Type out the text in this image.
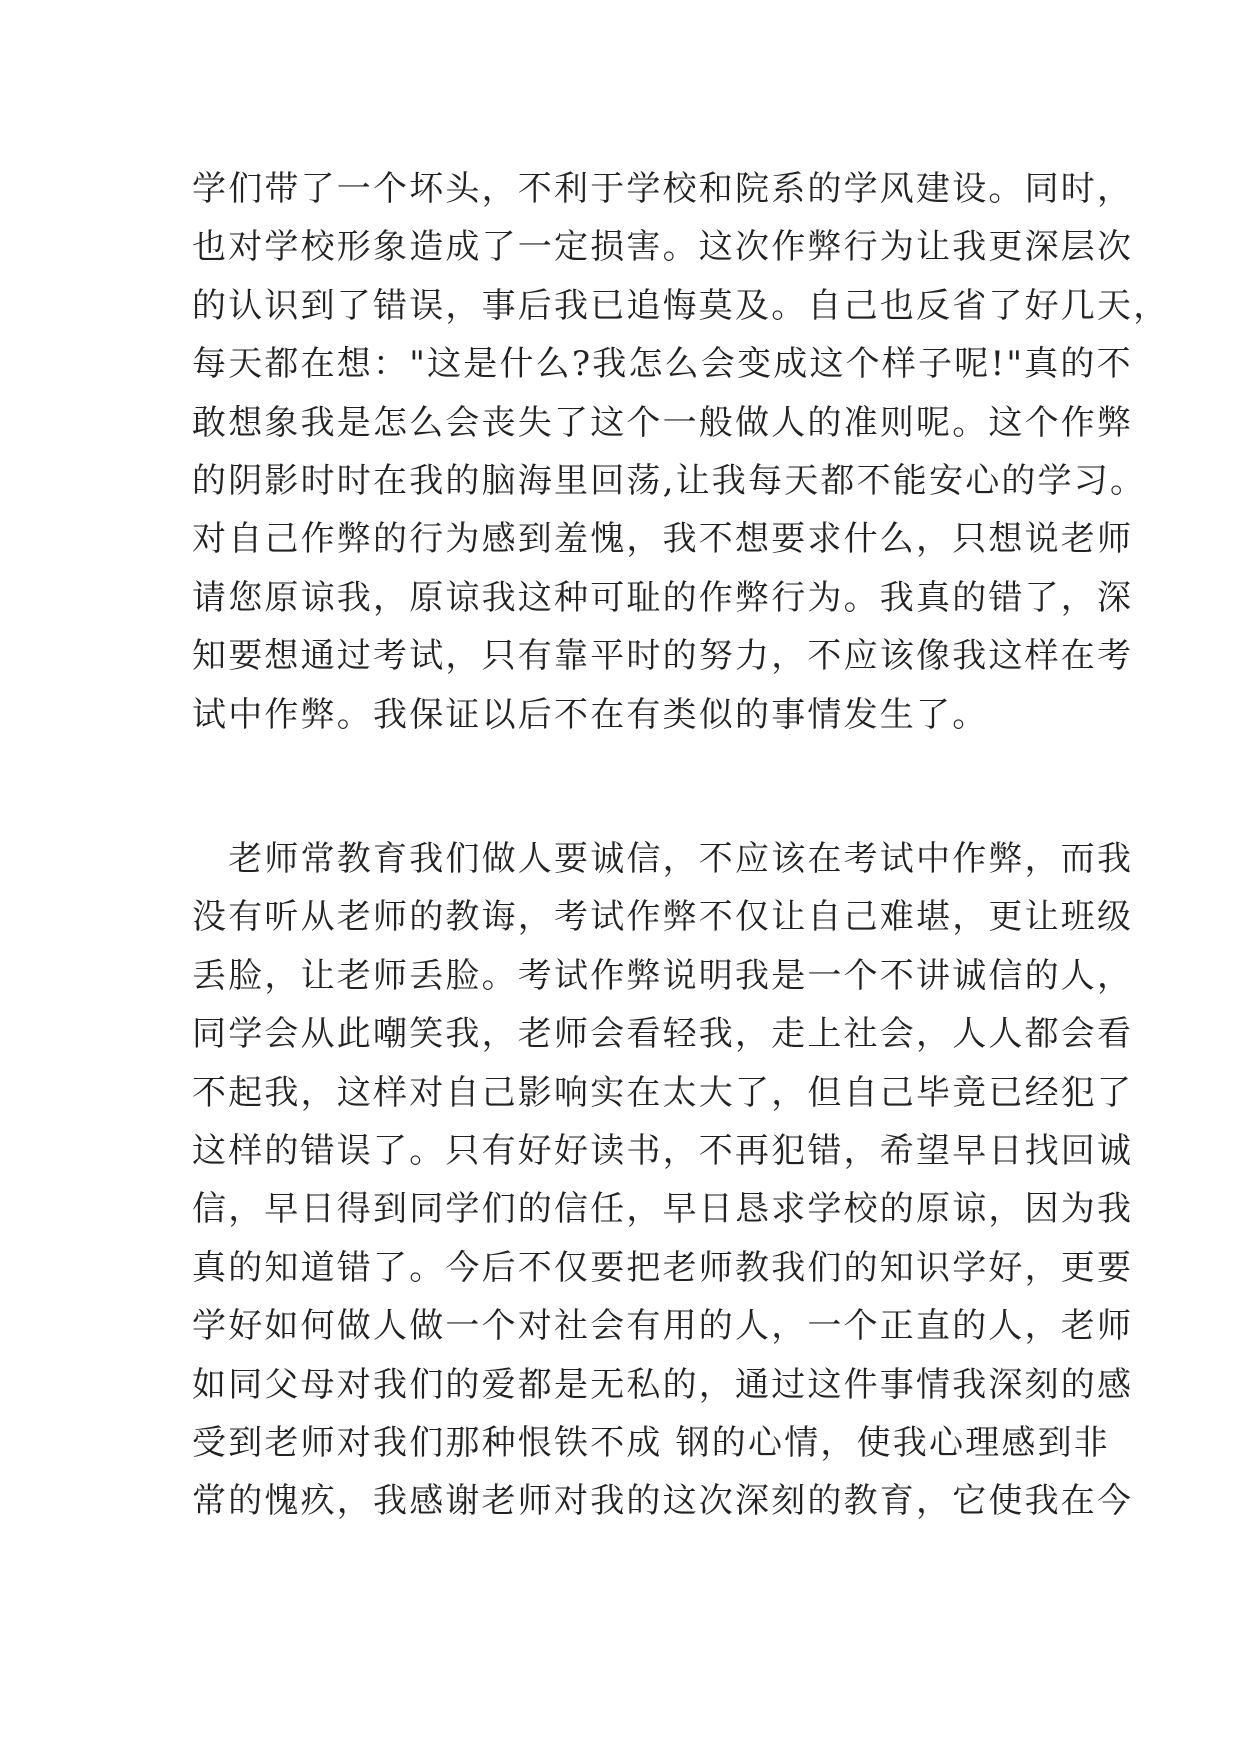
学们带了一个坏头，不利于学校和院系的学风建设。同时，
也对学校形象造成了一定损害。这次作弊行为让我更深层次
的认识到了错误，事后我已追悔莫及。自己也反省了好几天，
每天都在想："这是什么?我怎么会变成这个样子呢!"真的不
敢想象我是怎么会丧失了这个一般做人的准则呢。这个作弊
的阴影时时在我的脑海里回荡,让我每天都不能安心的学习。
对自己作弊的行为感到羞愧，我不想要求什么，只想说老师
请您原谅我，原谅我这种可耻的作弊行为。我真的错了，深
知要想通过考试，只有靠平时的努力，不应该像我这样在考
试中作弊。我保证以后不在有类似的事情发生了。
　老师常教育我们做人要诚信，不应该在考试中作弊，而我
没有听从老师的教诲，考试作弊不仅让自己难堪，更让班级
丢脸，让老师丢脸。考试作弊说明我是一个不讲诚信的人，
同学会从此嘲笑我，老师会看轻我，走上社会，人人都会看
不起我，这样对自己影响实在太大了，但自己毕竟已经犯了
这样的错误了。只有好好读书，不再犯错，希望早日找回诚
信，早日得到同学们的信任，早日恳求学校的原谅，因为我
真的知道错了。今后不仅要把老师教我们的知识学好，更要
学好如何做人做一个对社会有用的人，一个正直的人，老师
如同父母对我们的爱都是无私的，通过这件事情我深刻的感
受到老师对我们那种恨铁不成 钢的心情，使我心理感到非
常的愧疚，我感谢老师对我的这次深刻的教育，它使我在今
